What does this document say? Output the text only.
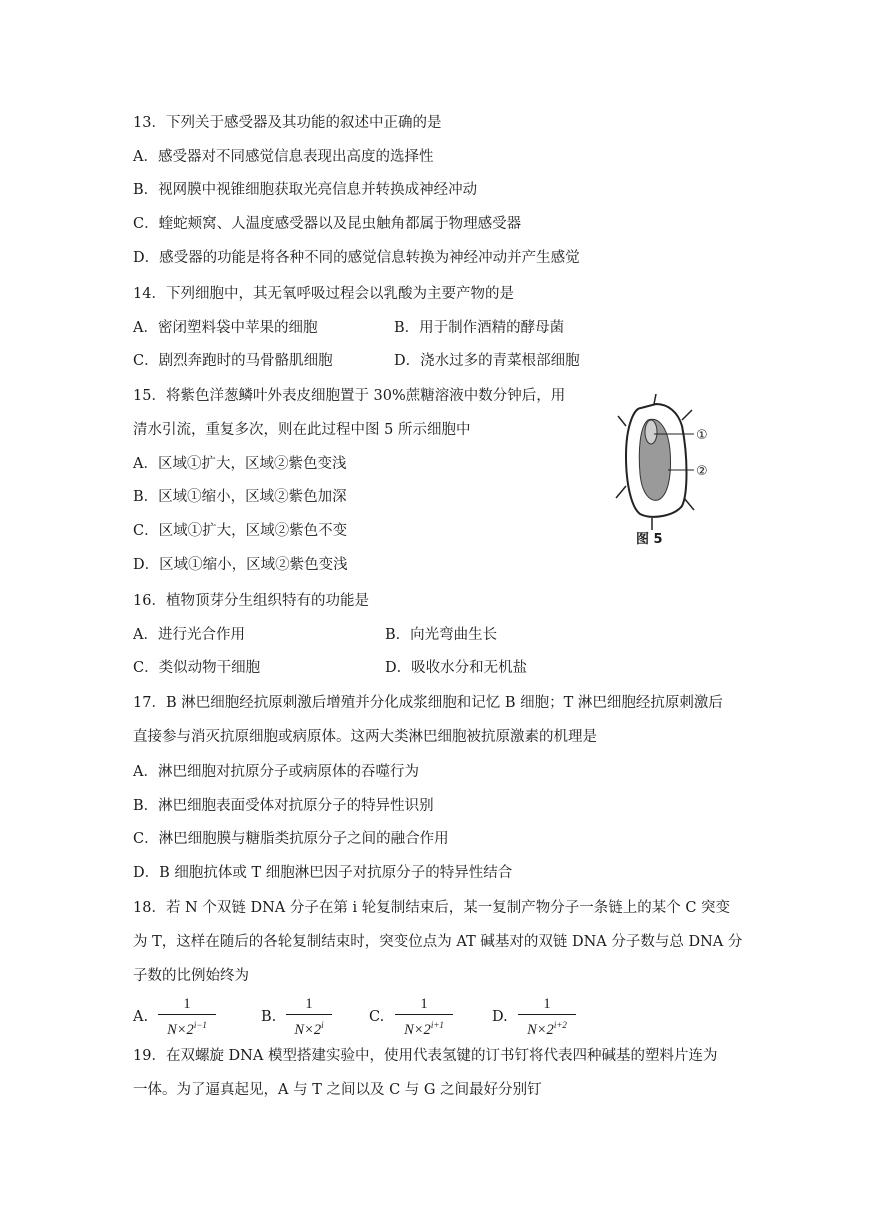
13．下列关于感受器及其功能的叙述中正确的是
A．感受器对不同感觉信息表现出高度的选择性
B．视网膜中视锥细胞获取光亮信息并转换成神经冲动
C．蝰蛇颊窝、人温度感受器以及昆虫触角都属于物理感受器
D．感受器的功能是将各种不同的感觉信息转换为神经冲动并产生感觉
14．下列细胞中，其无氧呼吸过程会以乳酸为主要产物的是
A．密闭塑料袋中苹果的细胞	B．用于制作酒精的酵母菌
C．剧烈奔跑时的马骨骼肌细胞	D．浇水过多的青菜根部细胞
15．将紫色洋葱鳞叶外表皮细胞置于 30%蔗糖溶液中数分钟后，用
清水引流，重复多次，则在此过程中图 5 所示细胞中
A．区域①扩大，区域②紫色变浅
B．区域①缩小，区域②紫色加深
C．区域①扩大，区域②紫色不变
D．区域①缩小，区域②紫色变浅
①
②
图 5
16．植物顶芽分生组织特有的功能是
A．进行光合作用	B．向光弯曲生长
C．类似动物干细胞	D．吸收水分和无机盐
17．B 淋巴细胞经抗原刺激后增殖并分化成浆细胞和记忆 B 细胞；T 淋巴细胞经抗原刺激后
直接参与消灭抗原细胞或病原体。这两大类淋巴细胞被抗原激素的机理是
A．淋巴细胞对抗原分子或病原体的吞噬行为
B．淋巴细胞表面受体对抗原分子的特异性识别
C．淋巴细胞膜与糖脂类抗原分子之间的融合作用
D．B 细胞抗体或 T 细胞淋巴因子对抗原分子的特异性结合
18．若 N 个双链 DNA 分子在第 i 轮复制结束后，某一复制产物分子一条链上的某个 C 突变
为 T，这样在随后的各轮复制结束时，突变位点为 AT 碱基对的双链 DNA 分子数与总 DNA 分
子数的比例始终为
A.
1
$N\times 2^{i-1}$	B.
1
$N\times 2^i$	C.
1
$N\times 2^{i+1}$	D.
1
$N\times 2^{i+2}$
19．在双螺旋 DNA 模型搭建实验中，使用代表氢键的订书钉将代表四种碱基的塑料片连为
一体。为了逼真起见，A 与 T 之间以及 C 与 G 之间最好分别钉
